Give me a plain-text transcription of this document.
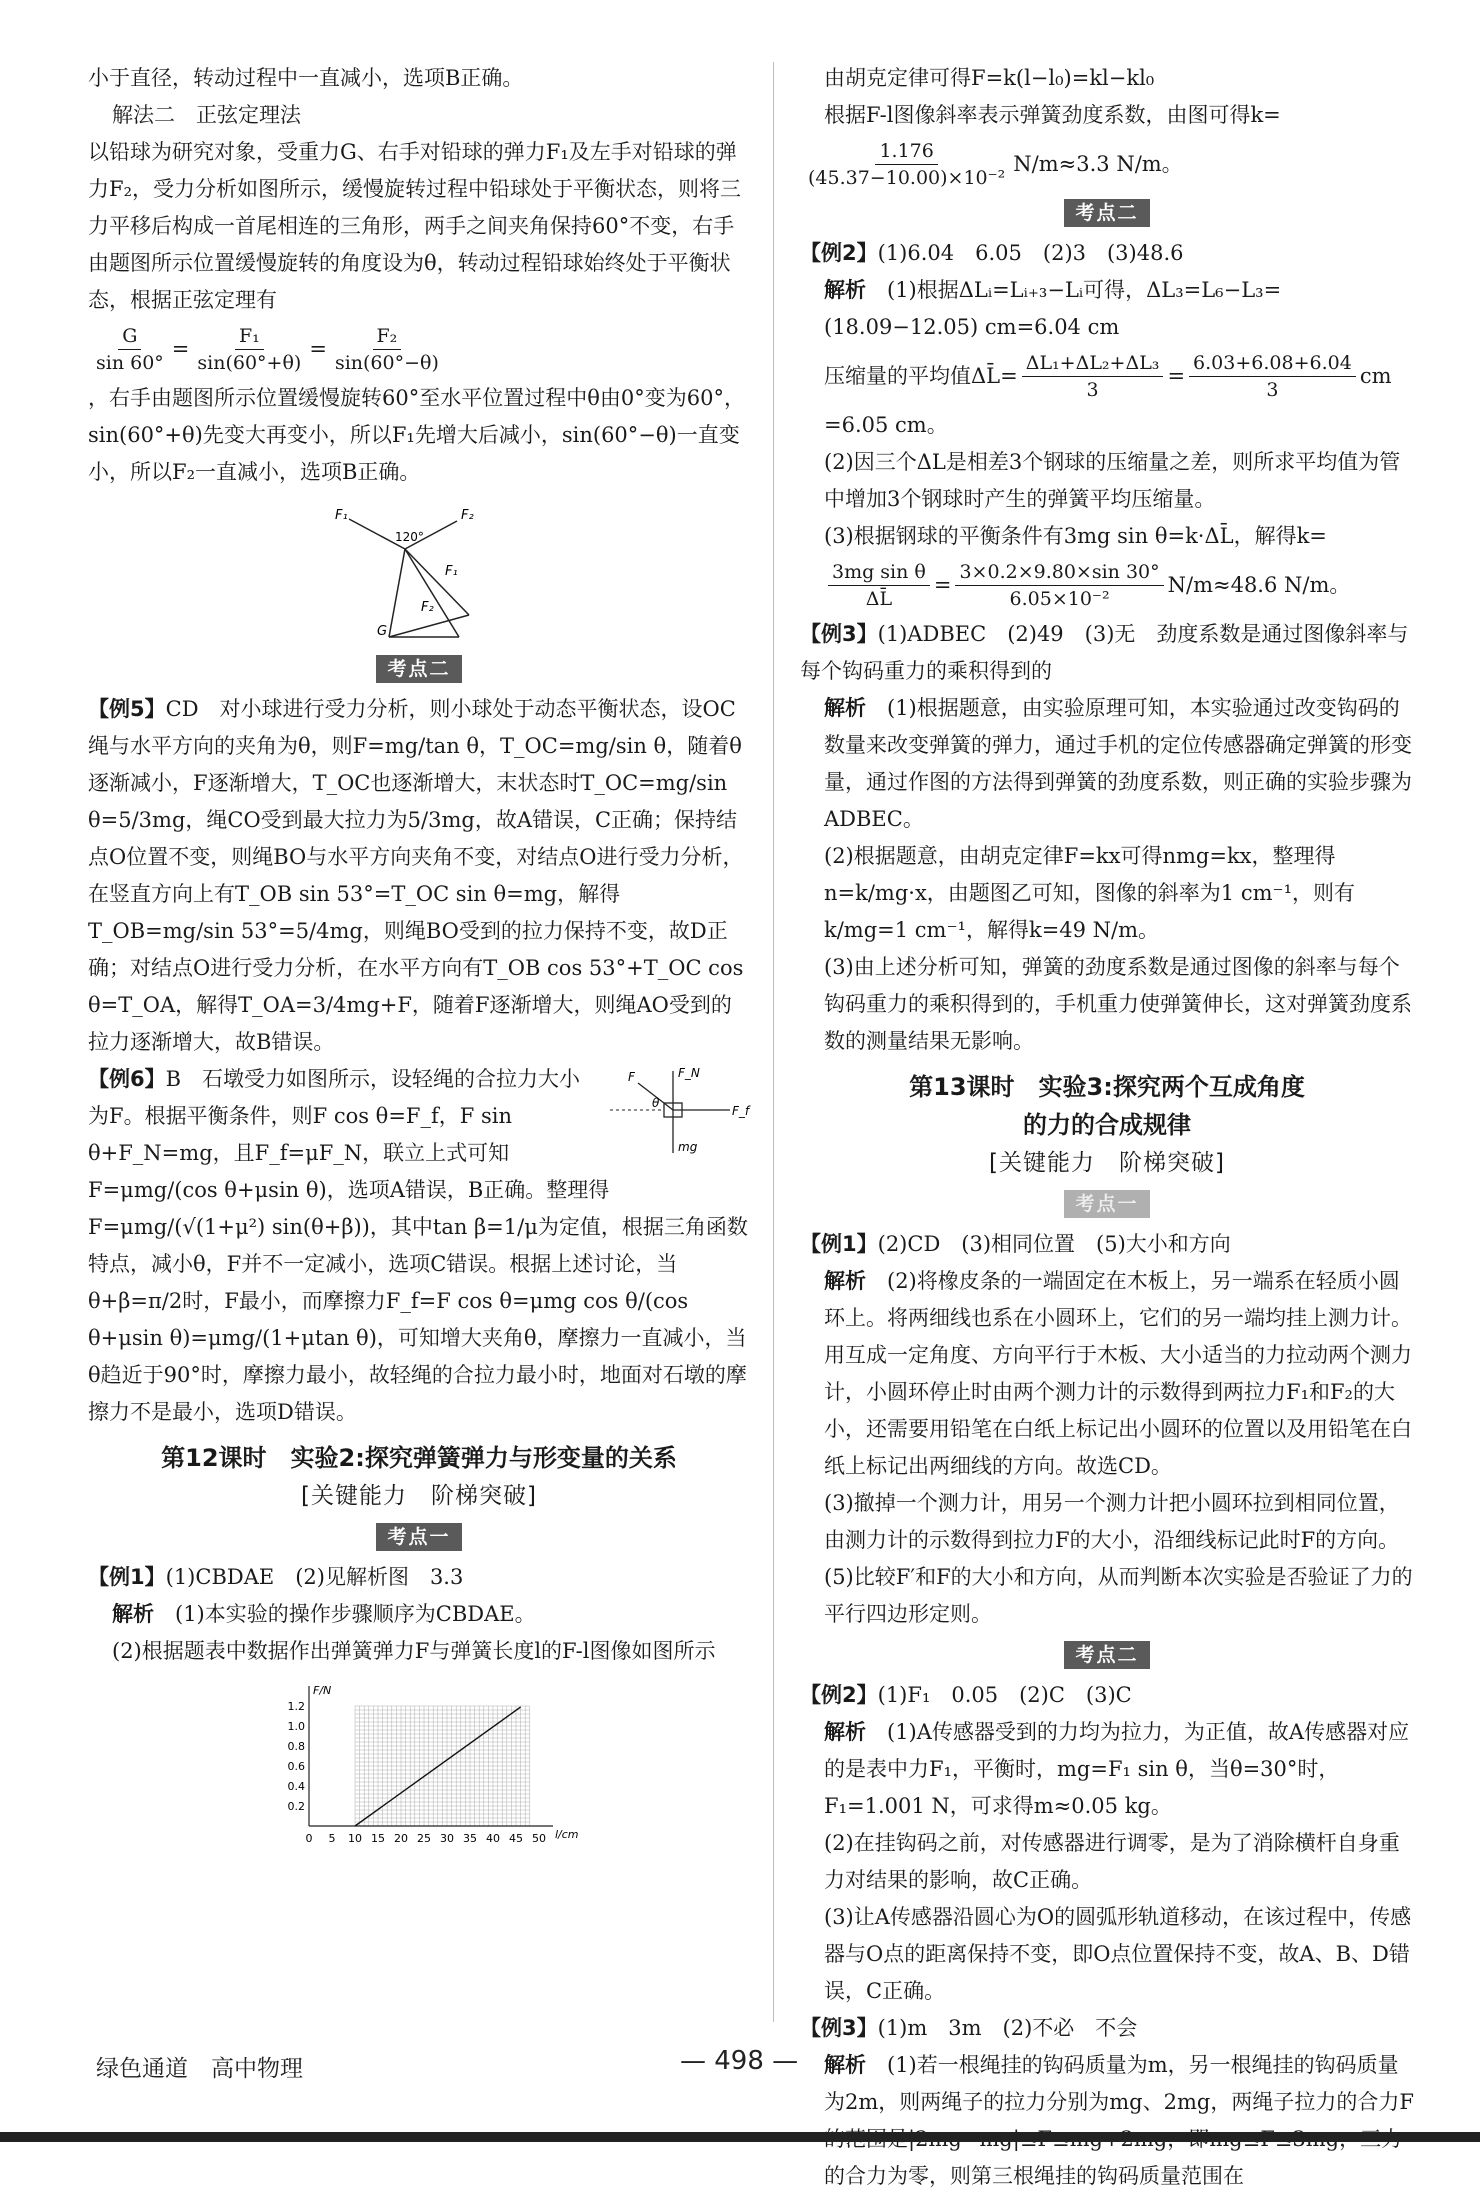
小于直径，转动过程中一直减小，选项B正确。

解法二　正弦定理法

以铅球为研究对象，受重力G、右手对铅球的弹力F₁及左手对铅球的弹力F₂，受力分析如图所示，缓慢旋转过程中铅球处于平衡状态，则将三力平移后构成一首尾相连的三角形，两手之间夹角保持60°不变，右手由题图所示位置缓慢旋转的角度设为θ，转动过程铅球始终处于平衡状态，根据正弦定理有

$\frac{G}{\sin 60^\circ} = \frac{\text{F₁}}{\sin(60^\circ+\theta)} = \frac{\text{F₂}}{\sin(60^\circ-\theta)}$

，右手由题图所示位置缓慢旋转60°至水平位置过程中θ由0°变为60°，sin(60°+θ)先变大再变小，所以F₁先增大后减小，sin(60°−θ)一直变小，所以F₂一直减小，选项B正确。

F₁	F₂
120°
F₁
F₂
G
考点二

【例5】CD　对小球进行受力分析，则小球处于动态平衡状态，设OC绳与水平方向的夹角为θ，则F=mg/tan θ，T_OC=mg/sin θ，随着θ逐渐减小，F逐渐增大，T_OC也逐渐增大，末状态时T_OC=mg/sin θ=5/3mg，绳CO受到最大拉力为5/3mg，故A错误，C正确；保持结点O位置不变，则绳BO与水平方向夹角不变，对结点O进行受力分析，在竖直方向上有T_OB sin 53°=T_OC sin θ=mg，解得T_OB=mg/sin 53°=5/4mg，则绳BO受到的拉力保持不变，故D正确；对结点O进行受力分析，在水平方向有T_OB cos 53°+T_OC cos θ=T_OA，解得T_OA=3/4mg+F，随着F逐渐增大，则绳AO受到的拉力逐渐增大，故B错误。

F_N
F
θ
F_f
mg

【例6】B　石墩受力如图所示，设轻绳的合拉力大小为F。根据平衡条件，则F cos θ=F_f，F sin θ+F_N=mg，且F_f=μF_N，联立上式可知F=μmg/(cos θ+μsin θ)，选项A错误，B正确。整理得F=μmg/(√(1+μ²) sin(θ+β))，其中tan β=1/μ为定值，根据三角函数特点，减小θ，F并不一定减小，选项C错误。根据上述讨论，当θ+β=π/2时，F最小，而摩擦力F_f=F cos θ=μmg cos θ/(cos θ+μsin θ)=μmg/(1+μtan θ)，可知增大夹角θ，摩擦力一直减小，当θ趋近于90°时，摩擦力最小，故轻绳的合拉力最小时，地面对石墩的摩擦力不是最小，选项D错误。

第12课时　实验2:探究弹簧弹力与形变量的关系
[关键能力　阶梯突破]
考点一

【例1】(1)CBDAE　(2)见解析图　3.3

解析　 (1)本实验的操作步骤顺序为CBDAE。

(2)根据题表中数据作出弹簧弹力F与弹簧长度l的F-l图像如图所示

0 5 10 15 20 25 30 35 40 45 50
0.2
0.4
0.6
0.8
1.0
1.2
F/N
l/cm

由胡克定律可得F=k(l−l₀)=kl−kl₀

根据F-l图像斜率表示弹簧劲度系数，由图可得k=

$\frac{1.176}{\text{(45.37−10.00)×10⁻²}} N/m\approx 3.3$ N/m。
考点二

【例2】(1)6.04　6.05　(2)3　(3)48.6

解析　 (1)根据ΔLᵢ=Lᵢ₊₃−Lᵢ可得，ΔL₃=L₆−L₃=(18.09−12.05) cm=6.04 cm

压缩量的平均值ΔL̄= $\frac{\text{ΔL₁+ΔL₂+ΔL₃}}{3} = \frac{6.03+6.08+6.04}{3}$ cm

=6.05 cm。

(2)因三个ΔL是相差3个钢球的压缩量之差，则所求平均值为管中增加3个钢球时产生的弹簧平均压缩量。

(3)根据钢球的平衡条件有3mg sin θ=k·ΔL̄，解得k=

$\frac{\text{3mg sin θ}}{\Delta L̄} = \frac{3\times 0.2\times 9.80\times\sin 30^\circ}{\text{6.05×10⁻²}} N/m\approx 48.6$ N/m。

【例3】(1)ADBEC　(2)49　(3)无　劲度系数是通过图像斜率与每个钩码重力的乘积得到的

解析　 (1)根据题意，由实验原理可知，本实验通过改变钩码的数量来改变弹簧的弹力，通过手机的定位传感器确定弹簧的形变量，通过作图的方法得到弹簧的劲度系数，则正确的实验步骤为ADBEC。

(2)根据题意，由胡克定律F=kx可得nmg=kx，整理得n=k/mg·x，由题图乙可知，图像的斜率为1 cm⁻¹，则有k/mg=1 cm⁻¹，解得k=49 N/m。

(3)由上述分析可知，弹簧的劲度系数是通过图像的斜率与每个钩码重力的乘积得到的，手机重力使弹簧伸长，这对弹簧劲度系数的测量结果无影响。

第13课时　实验3:探究两个互成角度
的力的合成规律
[关键能力　阶梯突破]
考点一

【例1】(2)CD　(3)相同位置　(5)大小和方向

解析　 (2)将橡皮条的一端固定在木板上，另一端系在轻质小圆环上。将两细线也系在小圆环上，它们的另一端均挂上测力计。用互成一定角度、方向平行于木板、大小适当的力拉动两个测力计，小圆环停止时由两个测力计的示数得到两拉力F₁和F₂的大小，还需要用铅笔在白纸上标记出小圆环的位置以及用铅笔在白纸上标记出两细线的方向。故选CD。

(3)撤掉一个测力计，用另一个测力计把小圆环拉到相同位置，由测力计的示数得到拉力F的大小，沿细线标记此时F的方向。

(5)比较F′和F的大小和方向，从而判断本次实验是否验证了力的平行四边形定则。

考点二

【例2】(1)F₁　0.05　(2)C　(3)C

解析　 (1)A传感器受到的力均为拉力，为正值，故A传感器对应的是表中力F₁，平衡时，mg=F₁ sin θ，当θ=30°时，F₁=1.001 N，可求得m≈0.05 kg。

(2)在挂钩码之前，对传感器进行调零，是为了消除横杆自身重力对结果的影响，故C正确。

(3)让A传感器沿圆心为O的圆弧形轨道移动，在该过程中，传感器与O点的距离保持不变，即O点位置保持不变，故A、B、D错误，C正确。

【例3】(1)m　3m　(2)不必　不会

解析　 (1)若一根绳挂的钩码质量为m，另一根绳挂的钩码质量为2m，则两绳子的拉力分别为mg、2mg，两绳子拉力的合力F 的合力为零，则第三根绳挂的钩码质量范围在

绿色通道　高中物理	— 498 —
